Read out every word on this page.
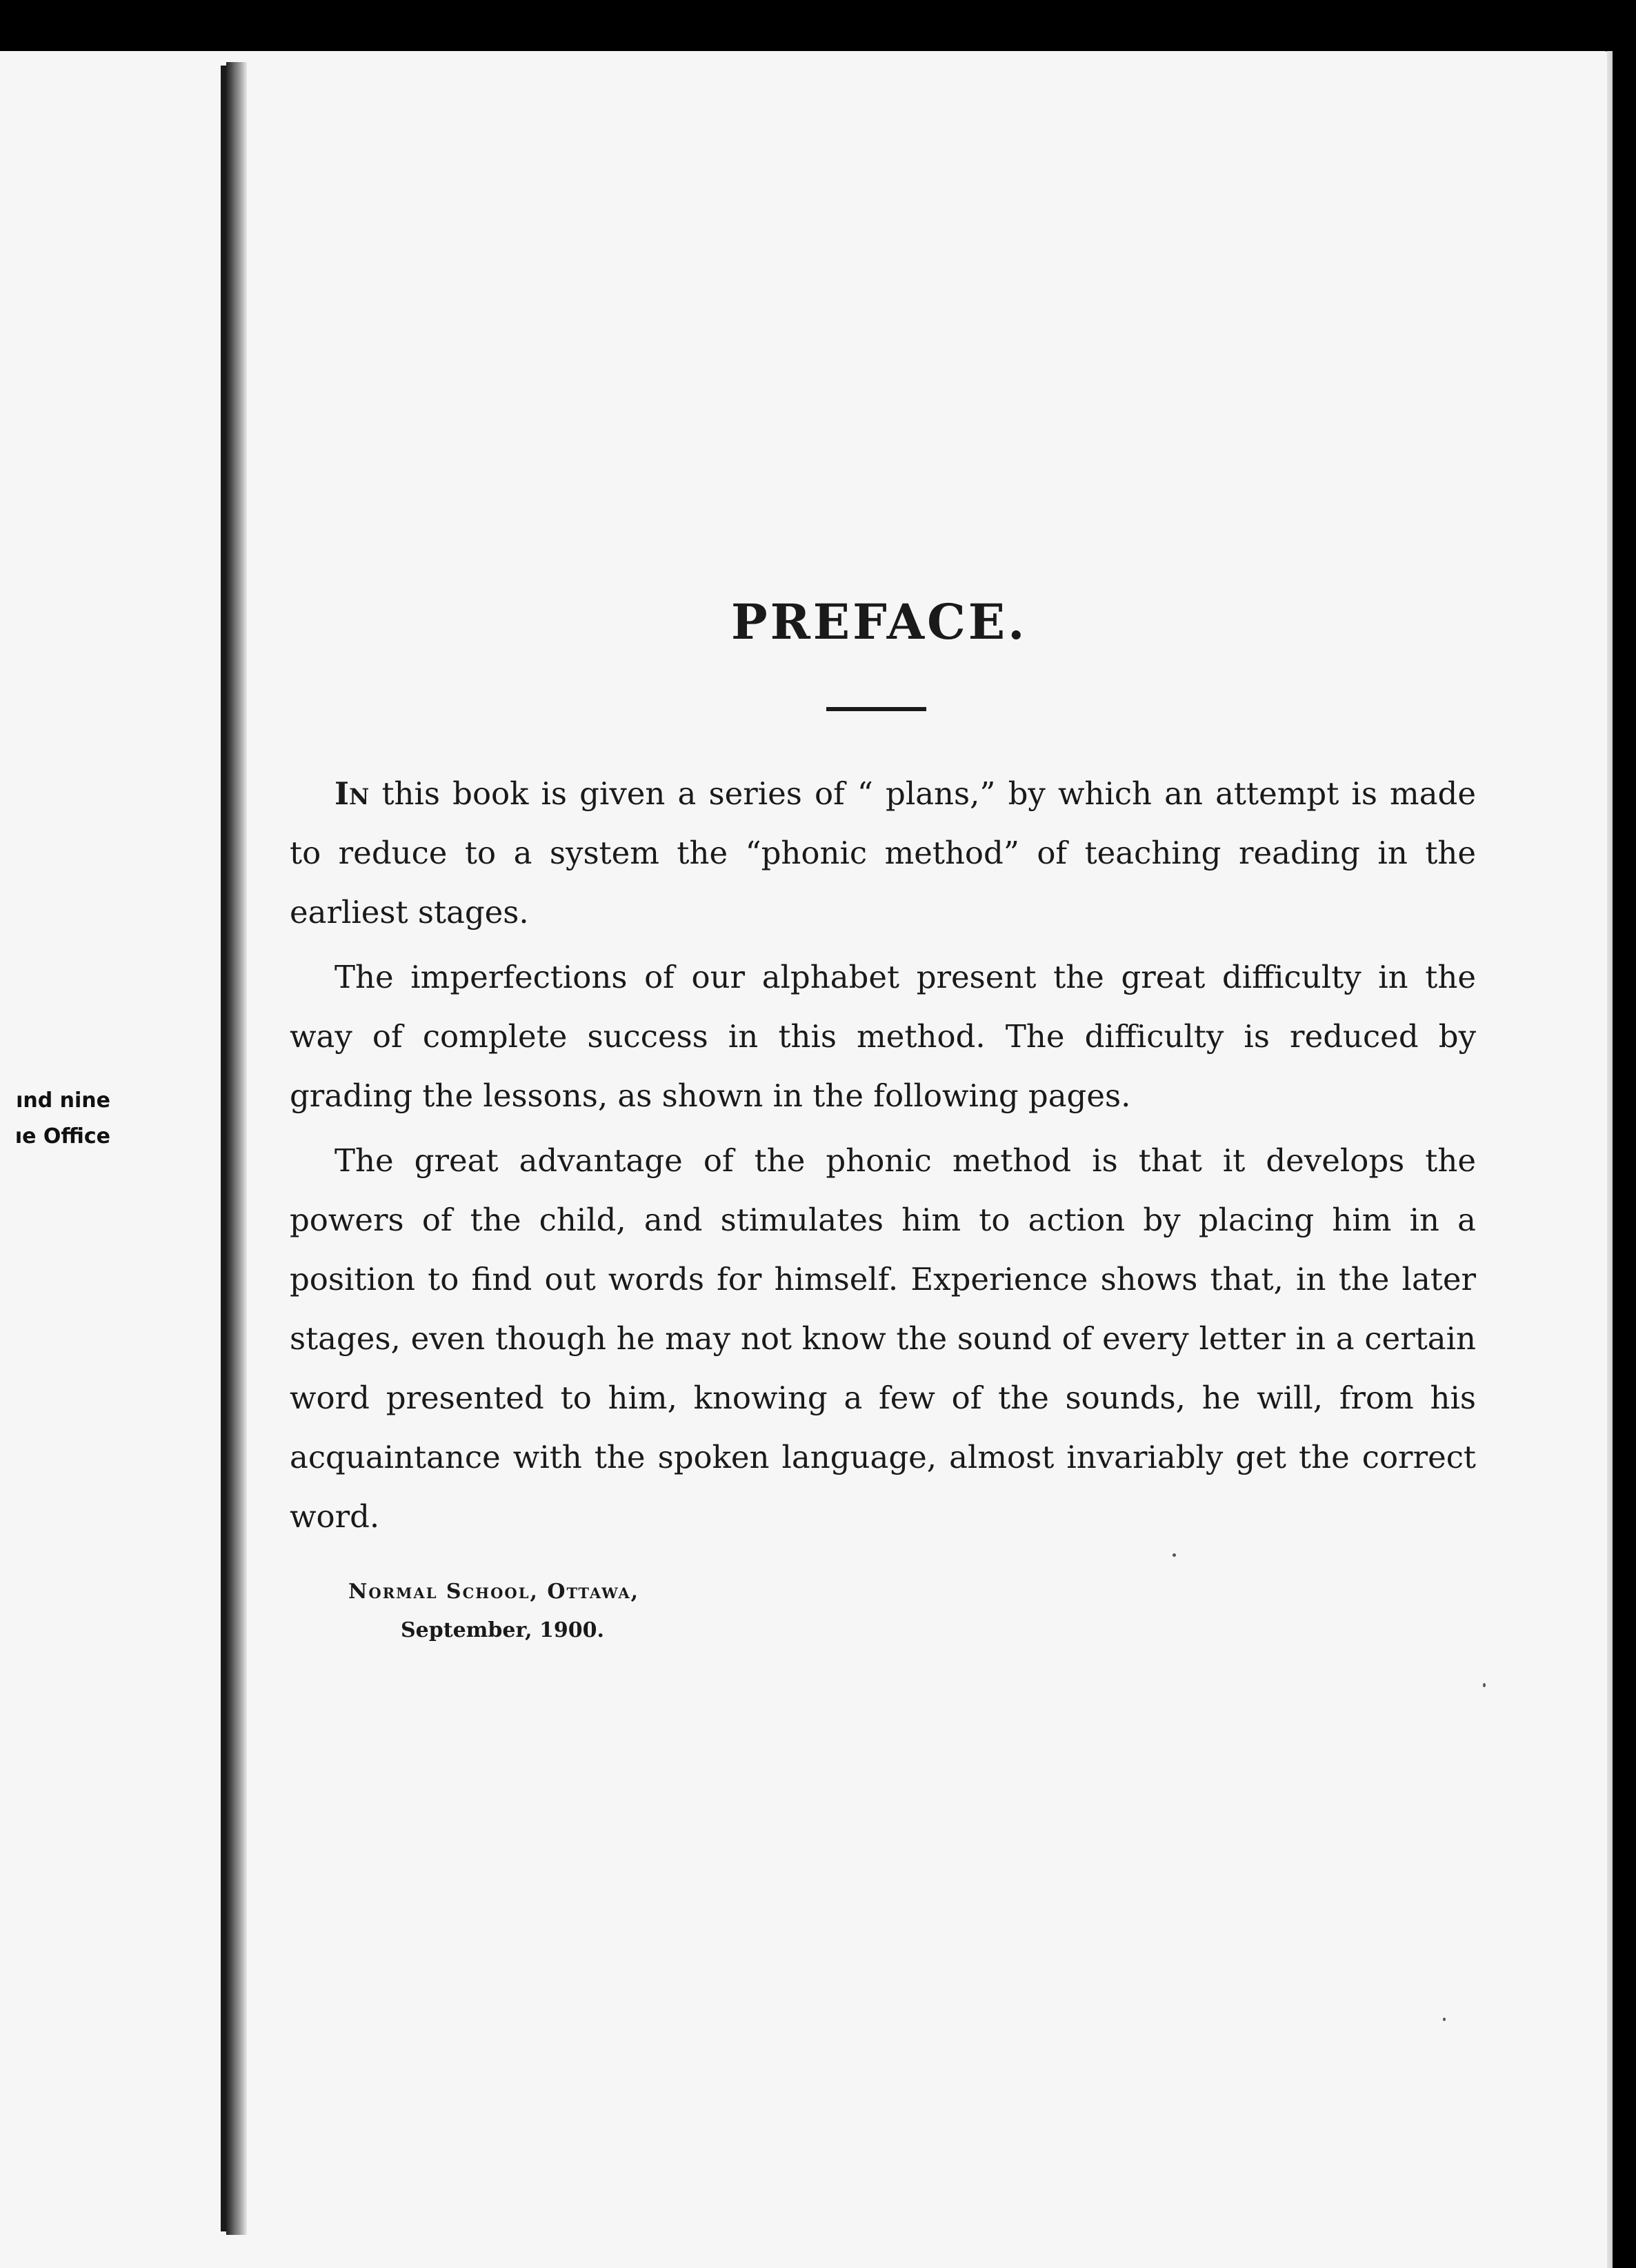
ınd nine
ıe Office
PREFACE.

In this book is given a series of “ plans,” by which an attempt is made to reduce to a system the “phonic method” of teaching reading in the earliest stages.

The imperfections of our alphabet present the great difficulty in the way of complete success in this method. The difficulty is reduced by grading the lessons, as shown in the following pages.

The great advantage of the phonic method is that it develops the powers of the child, and stimulates him to action by placing him in a position to find out words for himself. Experience shows that, in the later stages, even though he may not know the sound of every letter in a certain word presented to him, knowing a few of the sounds, he will, from his acquaintance with the spoken language, almost invariably get the correct word.

Normal School, Ottawa,
September, 1900.
